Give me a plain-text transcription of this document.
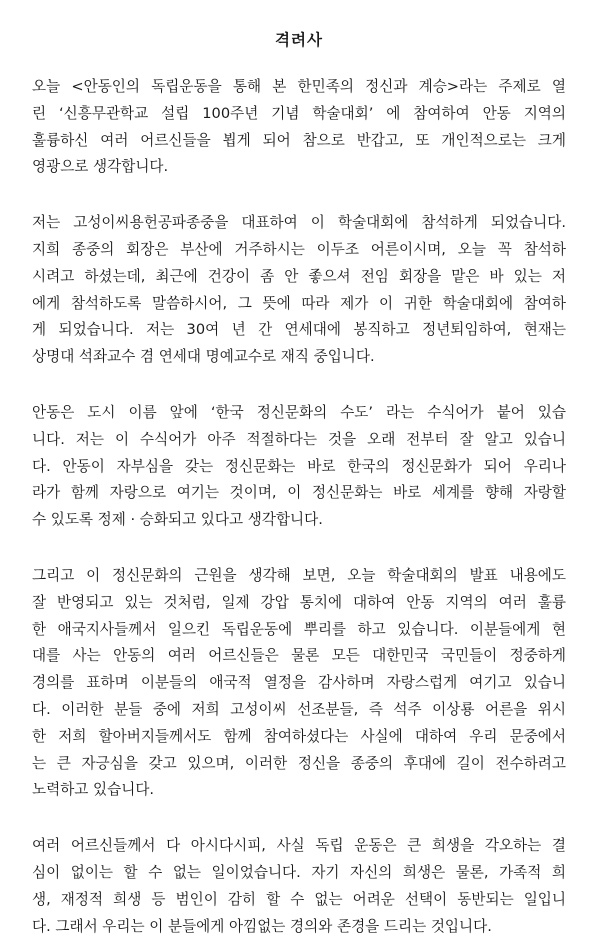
격려사

오늘 <안동인의 독립운동을 통해 본 한민족의 정신과 계승>라는 주제로 열
린 ‘신흥무관학교 설립 100주년 기념 학술대회’ 에 참여하여 안동 지역의
훌륭하신 여러 어르신들을 뵙게 되어 참으로 반갑고, 또 개인적으로는 크게
영광으로 생각합니다.

저는 고성이씨용헌공파종중을 대표하여 이 학술대회에 참석하게 되었습니다.
지희 종중의 회장은 부산에 거주하시는 이두조 어른이시며, 오늘 꼭 참석하
시려고 하셨는데, 최근에 건강이 좀 안 좋으셔 전임 회장을 맡은 바 있는 저
에게 참석하도록 말씀하시어, 그 뜻에 따라 제가 이 귀한 학술대회에 참여하
게 되었습니다. 저는 30여 년 간 연세대에 봉직하고 정년퇴임하여, 현재는
상명대 석좌교수 겸 연세대 명예교수로 재직 중입니다.

안동은 도시 이름 앞에 ‘한국 정신문화의 수도’ 라는 수식어가 붙어 있습
니다. 저는 이 수식어가 아주 적절하다는 것을 오래 전부터 잘 알고 있습니
다. 안동이 자부심을 갖는 정신문화는 바로 한국의 정신문화가 되어 우리나
라가 함께 자랑으로 여기는 것이며, 이 정신문화는 바로 세계를 향해 자랑할
수 있도록 정제 · 승화되고 있다고 생각합니다.

그리고 이 정신문화의 근원을 생각해 보면, 오늘 학술대회의 발표 내용에도
잘 반영되고 있는 것처럼, 일제 강압 통치에 대하여 안동 지역의 여러 훌륭
한 애국지사들께서 일으킨 독립운동에 뿌리를 하고 있습니다. 이분들에게 현
대를 사는 안동의 여러 어르신들은 물론 모든 대한민국 국민들이 정중하게
경의를 표하며 이분들의 애국적 열정을 감사하며 자랑스럽게 여기고 있습니
다. 이러한 분들 중에 저희 고성이씨 선조분들, 즉 석주 이상룡 어른을 위시
한 저희 할아버지들께서도 함께 참여하셨다는 사실에 대하여 우리 문중에서
는 큰 자긍심을 갖고 있으며, 이러한 정신을 종중의 후대에 길이 전수하려고
노력하고 있습니다.

여러 어르신들께서 다 아시다시피, 사실 독립 운동은 큰 희생을 각오하는 결
심이 없이는 할 수 없는 일이었습니다. 자기 자신의 희생은 물론, 가족적 희
생, 재정적 희생 등 범인이 감히 할 수 없는 어려운 선택이 동반되는 일입니
다. 그래서 우리는 이 분들에게 아낌없는 경의와 존경을 드리는 것입니다.
